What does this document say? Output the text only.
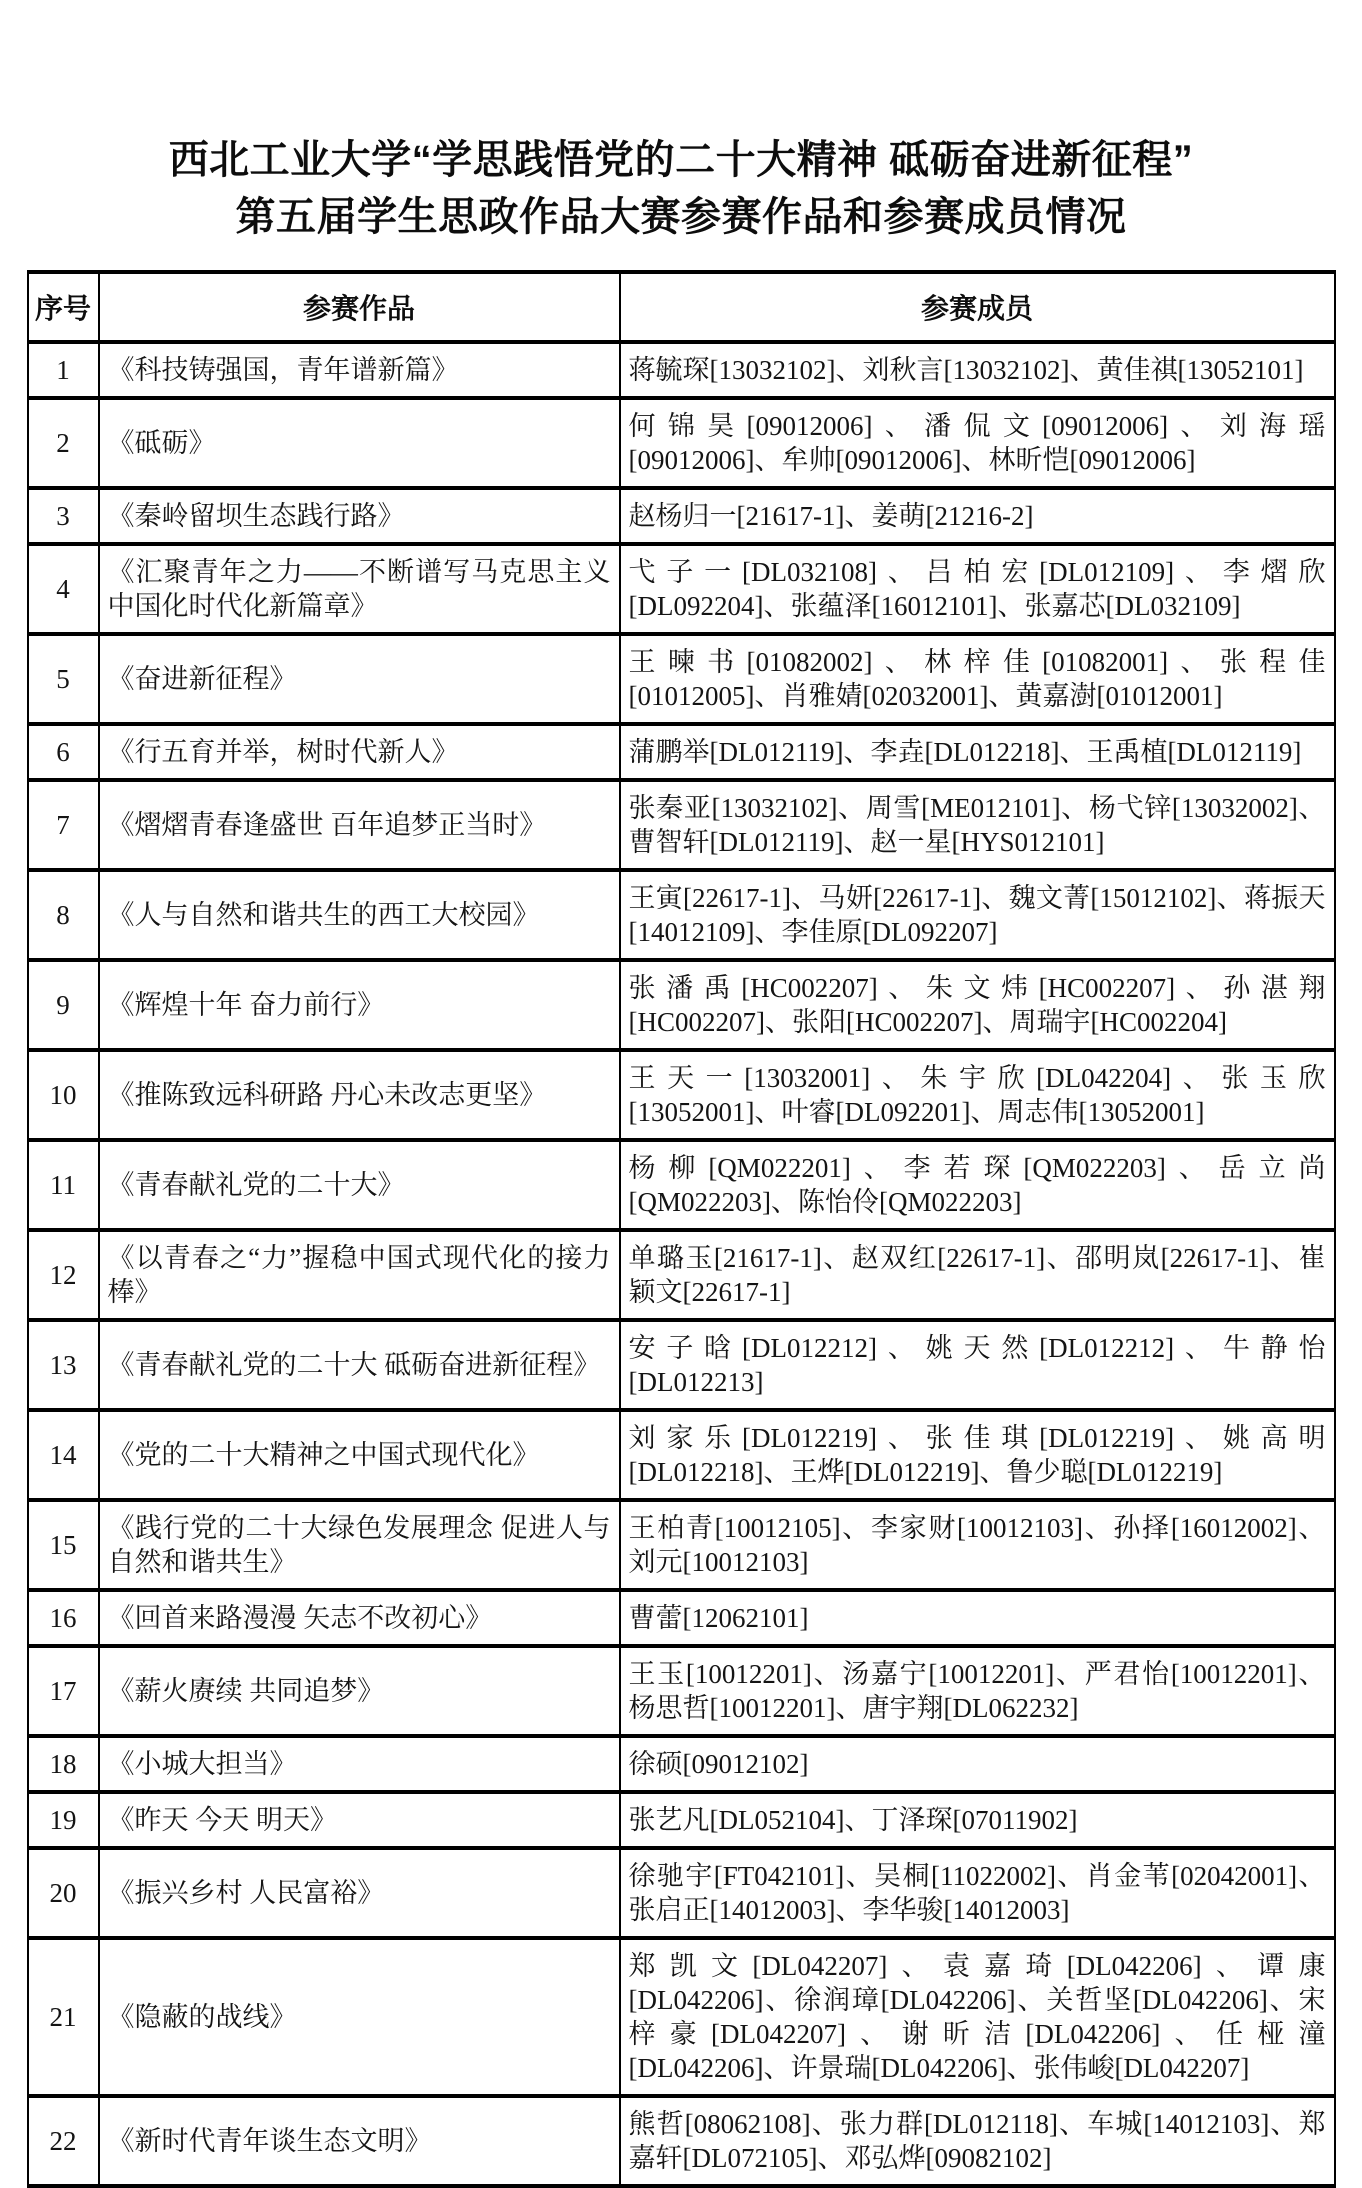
西北工业大学“学思践悟党的二十大精神 砥砺奋进新征程”
第五届学生思政作品大赛参赛作品和参赛成员情况
序号	参赛作品	参赛成员
1	《科技铸强国，青年谱新篇》	蒋毓琛[13032102]、刘秋言[13032102]、黄佳祺[13052101]
2	《砥砺》	何锦昊[09012006]、潘侃文[09012006]、刘海瑶[09012006]、牟帅[09012006]、林昕恺[09012006]
3	《秦岭留坝生态践行路》	赵杨归一[21617-1]、姜萌[21216-2]
4	《汇聚青年之力——不断谱写马克思主义中国化时代化新篇章》	弋子一[DL032108]、吕柏宏[DL012109]、李熠欣[DL092204]、张蕴泽[16012101]、张嘉芯[DL032109]
5	《奋进新征程》	王暕书[01082002]、林梓佳[01082001]、张程佳[01012005]、肖雅婧[02032001]、黄嘉澍[01012001]
6	《行五育并举，树时代新人》	蒲鹏举[DL012119]、李垚[DL012218]、王禹植[DL012119]
7	《熠熠青春逢盛世 百年追梦正当时》	张秦亚[13032102]、周雪[ME012101]、杨弋锌[13032002]、曹智轩[DL012119]、赵一星[HYS012101]
8	《人与自然和谐共生的西工大校园》	王寅[22617-1]、马妍[22617-1]、魏文菁[15012102]、蒋振天[14012109]、李佳原[DL092207]
9	《辉煌十年 奋力前行》	张潘禹[HC002207]、朱文炜[HC002207]、孙湛翔[HC002207]、张阳[HC002207]、周瑞宇[HC002204]
10	《推陈致远科研路 丹心未改志更坚》	王天一[13032001]、朱宇欣[DL042204]、张玉欣[13052001]、叶睿[DL092201]、周志伟[13052001]
11	《青春献礼党的二十大》	杨柳[QM022201]、李若琛[QM022203]、岳立尚[QM022203]、陈怡伶[QM022203]
12	《以青春之“力”握稳中国式现代化的接力棒》	单璐玉[21617-1]、赵双红[22617-1]、邵明岚[22617-1]、崔颖文[22617-1]
13	《青春献礼党的二十大 砥砺奋进新征程》	安子晗[DL012212]、姚天然[DL012212]、牛静怡[DL012213]
14	《党的二十大精神之中国式现代化》	刘家乐[DL012219]、张佳琪[DL012219]、姚高明[DL012218]、王烨[DL012219]、鲁少聪[DL012219]
15	《践行党的二十大绿色发展理念 促进人与自然和谐共生》	王柏青[10012105]、李家财[10012103]、孙择[16012002]、刘元[10012103]
16	《回首来路漫漫 矢志不改初心》	曹蕾[12062101]
17	《薪火赓续 共同追梦》	王玉[10012201]、汤嘉宁[10012201]、严君怡[10012201]、杨思哲[10012201]、唐宇翔[DL062232]
18	《小城大担当》	徐硕[09012102]
19	《昨天 今天 明天》	张艺凡[DL052104]、丁泽琛[07011902]
20	《振兴乡村 人民富裕》	徐驰宇[FT042101]、吴桐[11022002]、肖金苇[02042001]、张启正[14012003]、李华骏[14012003]
21	《隐蔽的战线》	郑凯文[DL042207]、袁嘉琦[DL042206]、谭康[DL042206]、徐润璋[DL042206]、关哲坚[DL042206]、宋梓豪[DL042207]、谢昕洁[DL042206]、任桠潼[DL042206]、许景瑞[DL042206]、张伟峻[DL042207]
22	《新时代青年谈生态文明》	熊哲[08062108]、张力群[DL012118]、车城[14012103]、郑嘉轩[DL072105]、邓弘烨[09082102]
